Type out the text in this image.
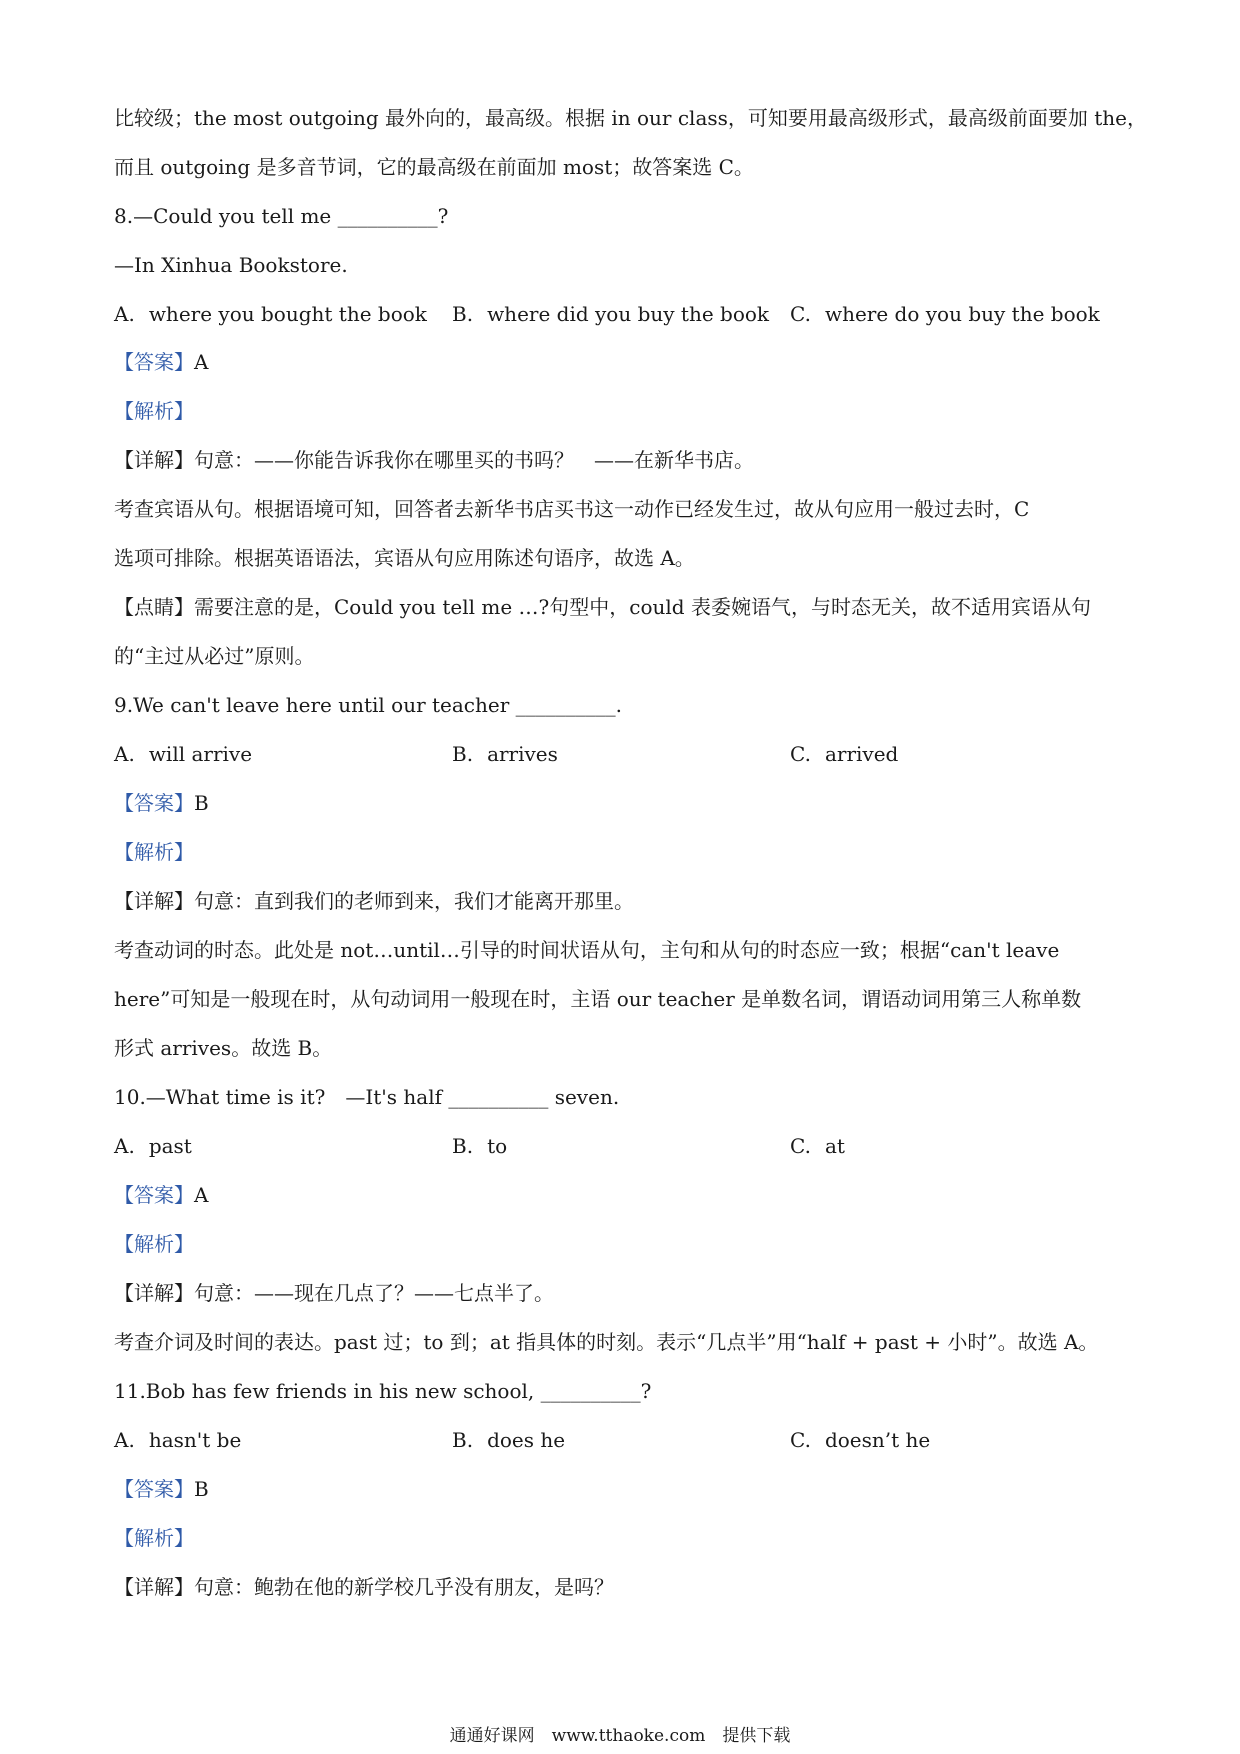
比较级；the most outgoing 最外向的，最高级。根据 in our class，可知要用最高级形式，最高级前面要加 the，
而且 outgoing 是多音节词，它的最高级在前面加 most；故答案选 C。
8.—Could you tell me __________?
—In Xinhua Bookstore.
A. where you bought the book B. where did you buy the book C. where do you buy the book
【答案】A
【解析】
【详解】句意：——你能告诉我你在哪里买的书吗？　——在新华书店。
考查宾语从句。根据语境可知，回答者去新华书店买书这一动作已经发生过，故从句应用一般过去时，C
选项可排除。根据英语语法，宾语从句应用陈述句语序，故选 A。
【点睛】需要注意的是，Could you tell me …?句型中，could 表委婉语气，与时态无关，故不适用宾语从句
的“主过从必过”原则。
9.We can't leave here until our teacher __________.
A. will arrive	B. arrives	C. arrived
【答案】B
【解析】
【详解】句意：直到我们的老师到来，我们才能离开那里。
考查动词的时态。此处是 not…until…引导的时间状语从句，主句和从句的时态应一致；根据“can't leave
here”可知是一般现在时，从句动词用一般现在时，主语 our teacher 是单数名词，谓语动词用第三人称单数
形式 arrives。故选 B。
10.—What time is it?　—It's half __________ seven.
A. past	B. to	C. at
【答案】A
【解析】
【详解】句意：——现在几点了？——七点半了。
考查介词及时间的表达。past 过；to 到；at 指具体的时刻。表示“几点半”用“half + past + 小时”。故选 A。
11.Bob has few friends in his new school, __________?
A. hasn't be	B. does he	C. doesn’t he
【答案】B
【解析】
【详解】句意：鲍勃在他的新学校几乎没有朋友，是吗？
通通好课网　www.tthaoke.com　提供下载
